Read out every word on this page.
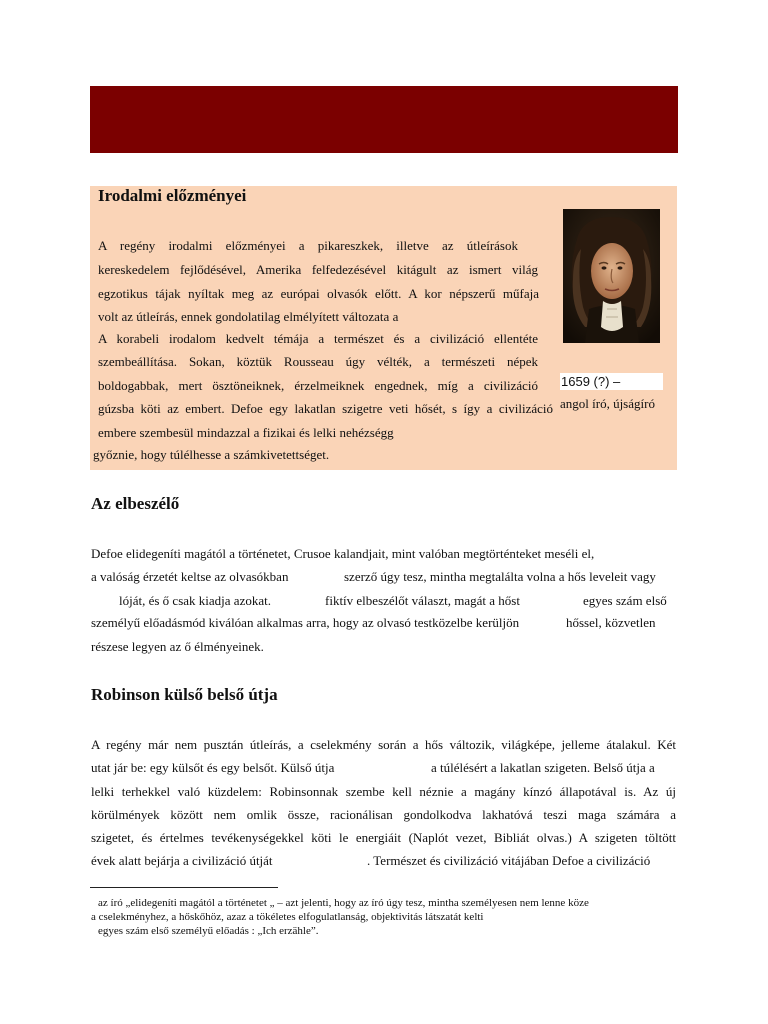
Irodalmi előzményei
A regény irodalmi előzményei a pikareszkek, illetve az útleírások
kereskedelem fejlődésével, Amerika felfedezésével kitágult az ismert világ
egzotikus tájak nyíltak meg az európai olvasók előtt. A kor népszerű műfaja
volt az útleírás, ennek gondolatilag elmélyített változata a
A korabeli irodalom kedvelt témája a természet és a civilizáció ellentéte
szembeállítása. Sokan, köztük Rousseau úgy vélték, a természeti népek
boldogabbak, mert ösztöneiknek, érzelmeiknek engednek, míg a civilizáció
gúzsba köti az embert. Defoe egy lakatlan szigetre veti hősét, s így a civilizáció
embere szembesül mindazzal a fizikai és lelki nehézségg
győznie, hogy túlélhesse a számkivetettséget.
1659 (?) –
angol író, újságíró
Az elbeszélő
Defoe elidegeníti magától a történetet, Crusoe kalandjait, mint valóban megtörténteket meséli el,
a valóság érzetét keltse az olvasókban	szerző úgy tesz, mintha megtalálta volna a hős leveleit vagy
lóját, és ő csak kiadja azokat.	fiktív elbeszélőt választ, magát a hőst	egyes szám első
személyű előadásmód kiválóan alkalmas arra, hogy az olvasó testközelbe kerüljön	hőssel, közvetlen
részese legyen az ő élményeinek.
Robinson külső belső útja
A regény már nem pusztán útleírás, a cselekmény során a hős változik, világképe, jelleme átalakul. Két
utat jár be: egy külsőt és egy belsőt. Külső útja	a túlélésért a lakatlan szigeten. Belső útja a
lelki terhekkel való küzdelem: Robinsonnak szembe kell néznie a magány kínzó állapotával is. Az új
körülmények között nem omlik össze, racionálisan gondolkodva lakhatóvá teszi maga számára a
szigetet, és értelmes tevékenységekkel köti le energiáit (Naplót vezet, Bibliát olvas.) A szigeten töltött
évek alatt bejárja a civilizáció útját	. Természet és civilizáció vitájában Defoe a civilizáció
az író „elidegeníti magától a történetet „ – azt jelenti, hogy az író úgy tesz, mintha személyesen nem lenne köze
a cselekményhez, a hőskőhöz, azaz a tökéletes elfogulatlanság, objektivitás látszatát kelti
egyes szám első személyű előadás : „Ich erzähle”.
